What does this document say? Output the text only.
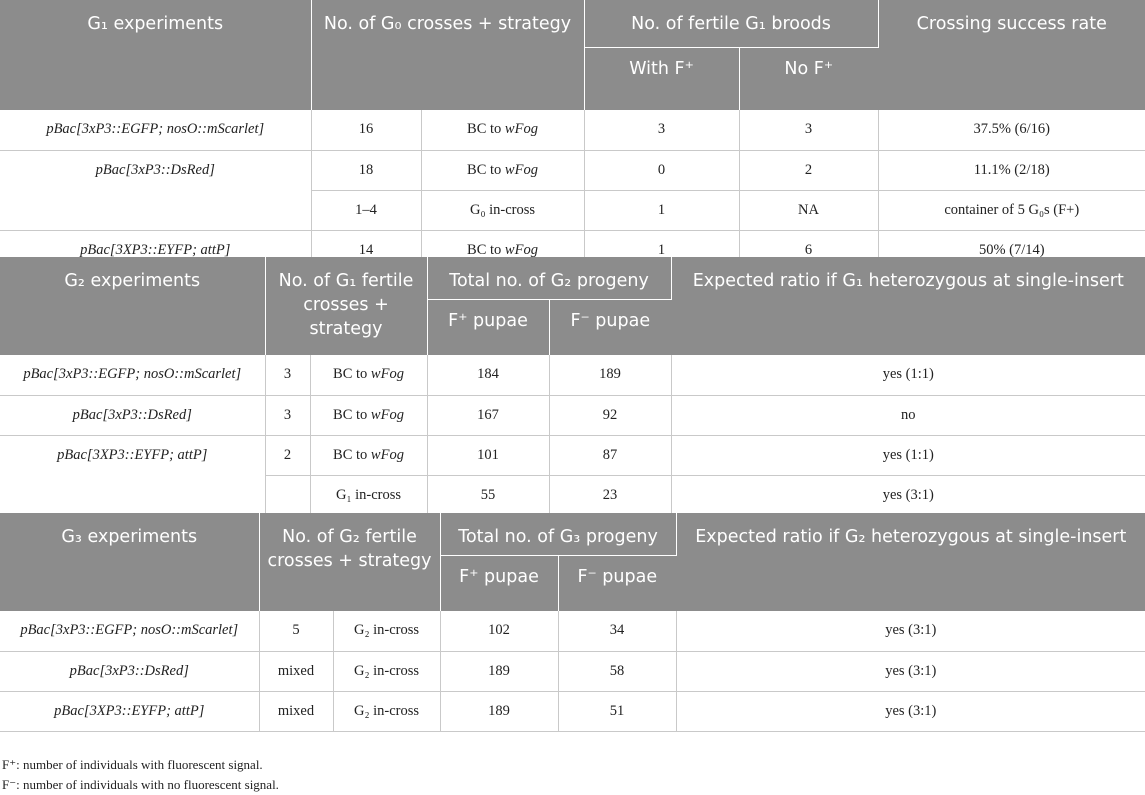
G₁ experiments	No. of G₀ crosses + strategy		No. of fertile G₁ broods		Crossing success rate
			With F⁺	No F⁺	
pBac[3xP3::EGFP; nosO::mScarlet]	16	BC to wFog	3	3	37.5% (6/16)
pBac[3xP3::DsRed]	18	BC to wFog	0	2	11.1% (2/18)
	1–4	G₀ in-cross	1	NA	container of 5 G₀s (F+)
pBac[3XP3::EYFP; attP]	14	BC to wFog	1	6	50% (7/14)
G₂ experiments	No. of G₁ fertile crosses + strategy		Total no. of G₂ progeny		Expected ratio if G₁ heterozygous at single-insert
			F⁺ pupae	F⁻ pupae	
pBac[3xP3::EGFP; nosO::mScarlet]	3	BC to wFog	184	189	yes (1:1)
pBac[3xP3::DsRed]	3	BC to wFog	167	92	no
pBac[3XP3::EYFP; attP]	2	BC to wFog	101	87	yes (1:1)
		G₁ in-cross	55	23	yes (3:1)
G₃ experiments	No. of G₂ fertile crosses + strategy		Total no. of G₃ progeny		Expected ratio if G₂ heterozygous at single-insert
			F⁺ pupae	F⁻ pupae	
pBac[3xP3::EGFP; nosO::mScarlet]	5	G₂ in-cross	102	34	yes (3:1)
pBac[3xP3::DsRed]	mixed	G₂ in-cross	189	58	yes (3:1)
pBac[3XP3::EYFP; attP]	mixed	G₂ in-cross	189	51	yes (3:1)
F⁺: number of individuals with fluorescent signal.
F⁻: number of individuals with no fluorescent signal.
